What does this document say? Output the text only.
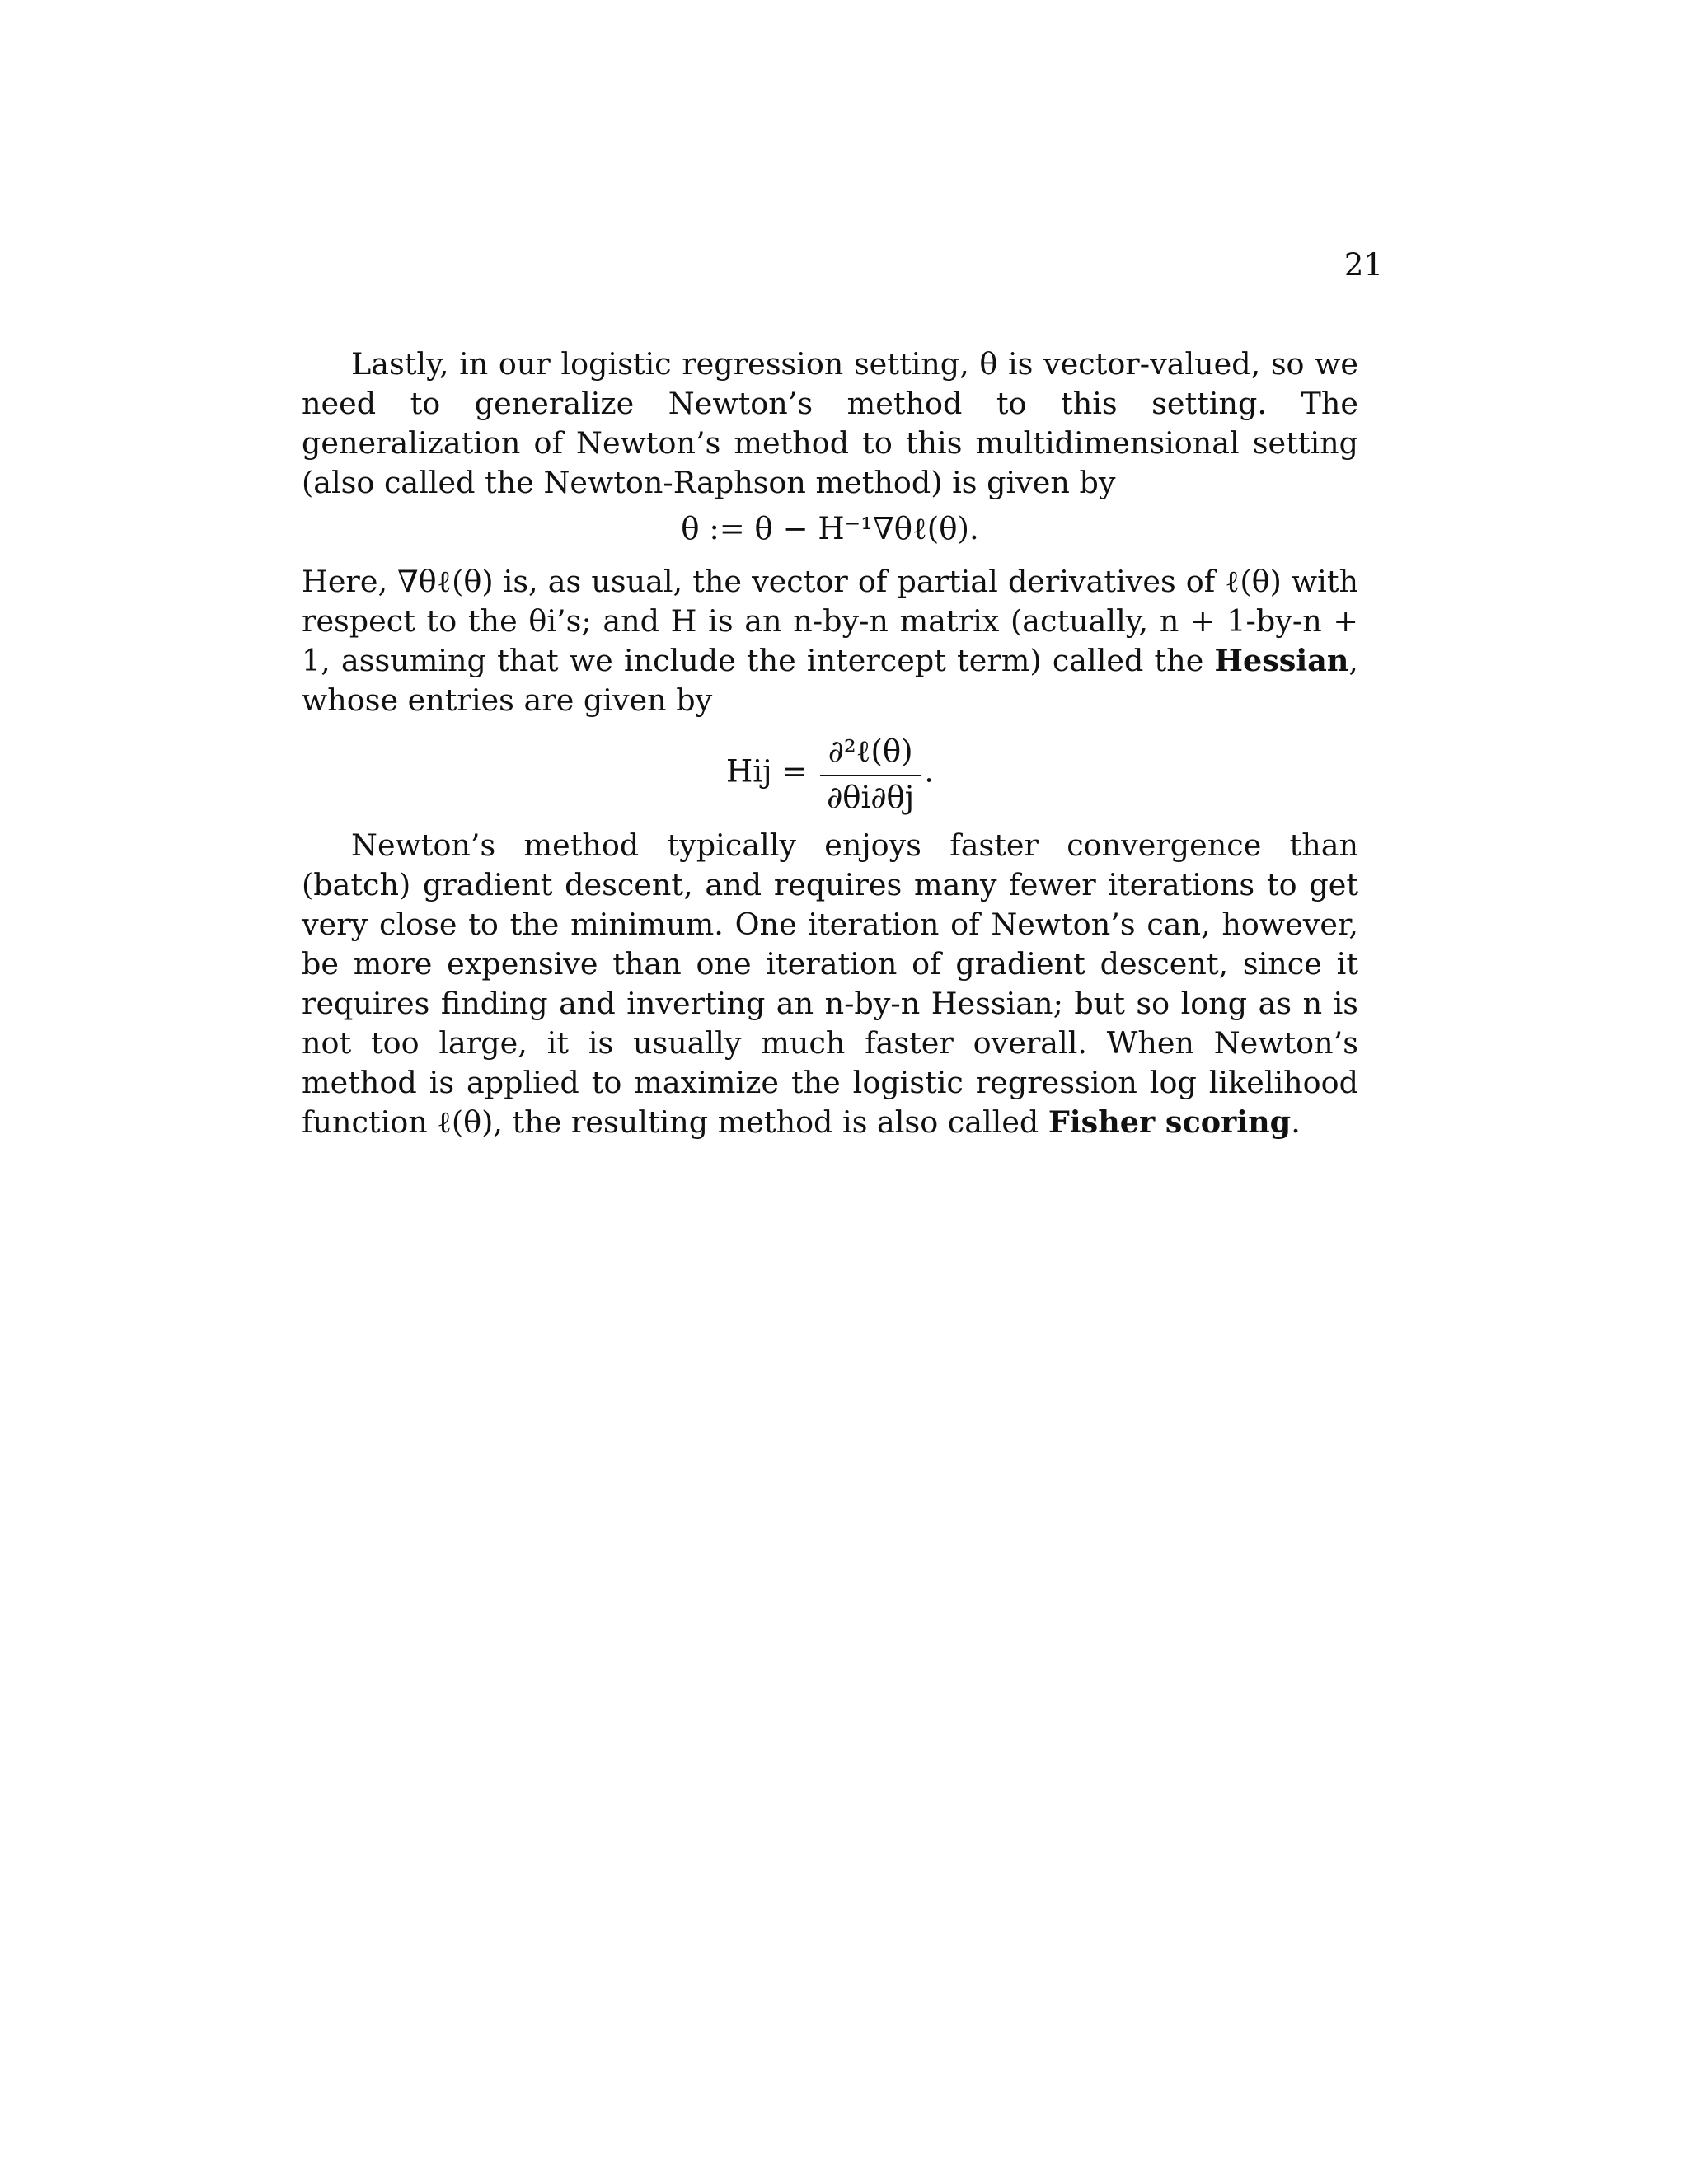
21

Lastly, in our logistic regression setting, θ is vector-valued, so we need to generalize Newton’s method to this setting. The generalization of Newton’s method to this multidimensional setting (also called the Newton-Raphson method) is given by

θ := θ − H⁻¹∇θℓ(θ).

Here, ∇θℓ(θ) is, as usual, the vector of partial derivatives of ℓ(θ) with respect to the θi’s; and H is an n-by-n matrix (actually, n + 1-by-n + 1, assuming that we include the intercept term) called the Hessian, whose entries are given by

Hij = $\frac{\text{∂²ℓ(θ)}}{\partial\theta i\partial\theta j}$ .

Newton’s method typically enjoys faster convergence than (batch) gradient descent, and requires many fewer iterations to get very close to the minimum. One iteration of Newton’s can, however, be more expensive than one iteration of gradient descent, since it requires finding and inverting an n-by-n Hessian; but so long as n is not too large, it is usually much faster overall. When Newton’s method is applied to maximize the logistic regression log likelihood function ℓ(θ), the resulting method is also called Fisher scoring.
